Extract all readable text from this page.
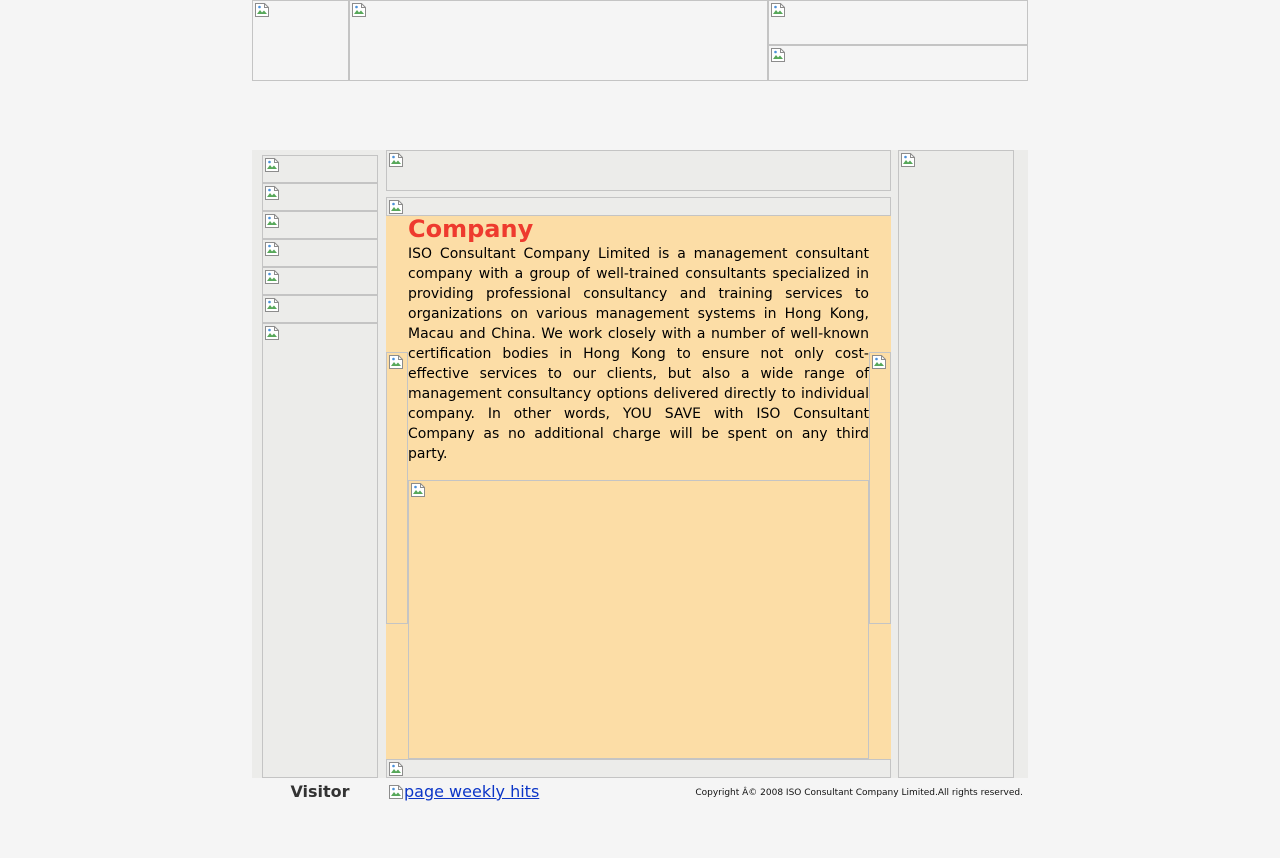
Company

ISO Consultant Company Limited is a management consultant company with a group of well-trained consultants specialized in providing professional consultancy and training services to organizations on various management systems in Hong Kong, Macau and China. We work closely with a number of well-known certification bodies in Hong Kong to ensure not only cost-effective services to our clients, but also a wide range of management consultancy options delivered directly to individual company. In other words, YOU SAVE with ISO Consultant Company as no additional charge will be spent on any third party.

Visitor	page weekly hits	Copyright Â© 2008 ISO Consultant Company Limited.All rights reserved.
